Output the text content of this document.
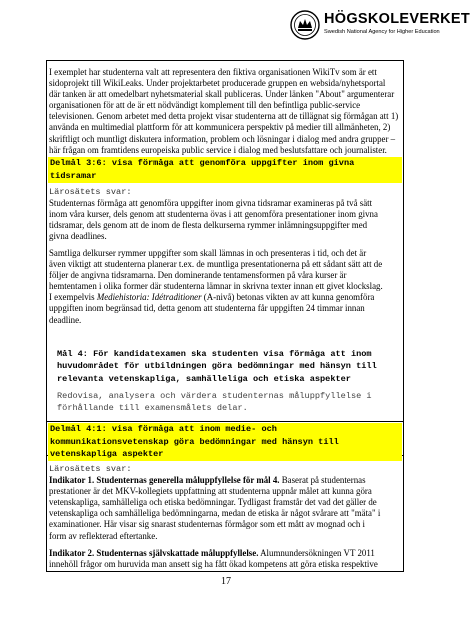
HÖGSKOLEVERKET
Swedish National Agency for Higher Education
I exemplet har studenterna valt att representera den fiktiva organisationen WikiTv som är ett
sidoprojekt till WikiLeaks. Under projektarbetet producerade gruppen en websida/nyhetsportal
där tanken är att omedelbart nyhetsmaterial skall publiceras. Under länken "About" argumenterar
organisationen för att de är ett nödvändigt komplement till den befintliga public-service
televisionen. Genom arbetet med detta projekt visar studenterna att de tillägnat sig förmågan att 1)
använda en multimedial plattform för att kommunicera perspektiv på medier till allmänheten, 2)
skriftligt och muntligt diskutera information, problem och lösningar i dialog med andra grupper –
här frågan om framtidens europeiska public service i dialog med beslutsfattare och journalister.
Delmål 3:6: visa förmåga att genomföra uppgifter inom givna
tidsramar
Lärosätets svar:
Studenternas förmåga att genomföra uppgifter inom givna tidsramar examineras på två sätt
inom våra kurser, dels genom att studenterna övas i att genomföra presentationer inom givna
tidsramar, dels genom att de inom de flesta delkurserna rymmer inlämningsuppgifter med
givna deadlines.
Samtliga delkurser rymmer uppgifter som skall lämnas in och presenteras i tid, och det är
även viktigt att studenterna planerar t.ex. de muntliga presentationerna på ett sådant sätt att de
följer de angivna tidsramarna. Den dominerande tentamensformen på våra kurser är
hemtentamen i olika former där studenterna lämnar in skrivna texter innan ett givet klockslag.
I exempelvis Mediehistoria: Idétraditioner (A-nivå) betonas vikten av att kunna genomföra
uppgiften inom begränsad tid, detta genom att studenterna får uppgiften 24 timmar innan
deadline.
Mål 4: För kandidatexamen ska studenten visa förmåga att inom
huvudområdet för utbildningen göra bedömningar med hänsyn till
relevanta vetenskapliga, samhälleliga och etiska aspekter
Redovisa, analysera och värdera studenternas måluppfyllelse i
förhållande till examensmålets delar.
Delmål 4:1: visa förmåga att inom medie- och
kommunikationsvetenskap göra bedömningar med hänsyn till
vetenskapliga aspekter
Lärosätets svar:
Indikator 1. Studenternas generella måluppfyllelse för mål 4. Baserat på studenternas
prestationer är det MKV-kollegiets uppfattning att studenterna uppnår målet att kunna göra
vetenskapliga, samhälleliga och etiska bedömningar. Tydligast framstår det vad det gäller de
vetenskapliga och samhälleliga bedömningarna, medan de etiska är något svårare att "mäta" i
examinationer. Här visar sig snarast studenternas förmågor som ett mått av mognad och i
form av reflekterad eftertanke.
Indikator 2. Studenternas självskattade måluppfyllelse. Alumnundersökningen VT 2011
innehöll frågor om huruvida man ansett sig ha fått ökad kompetens att göra etiska respektive
17
